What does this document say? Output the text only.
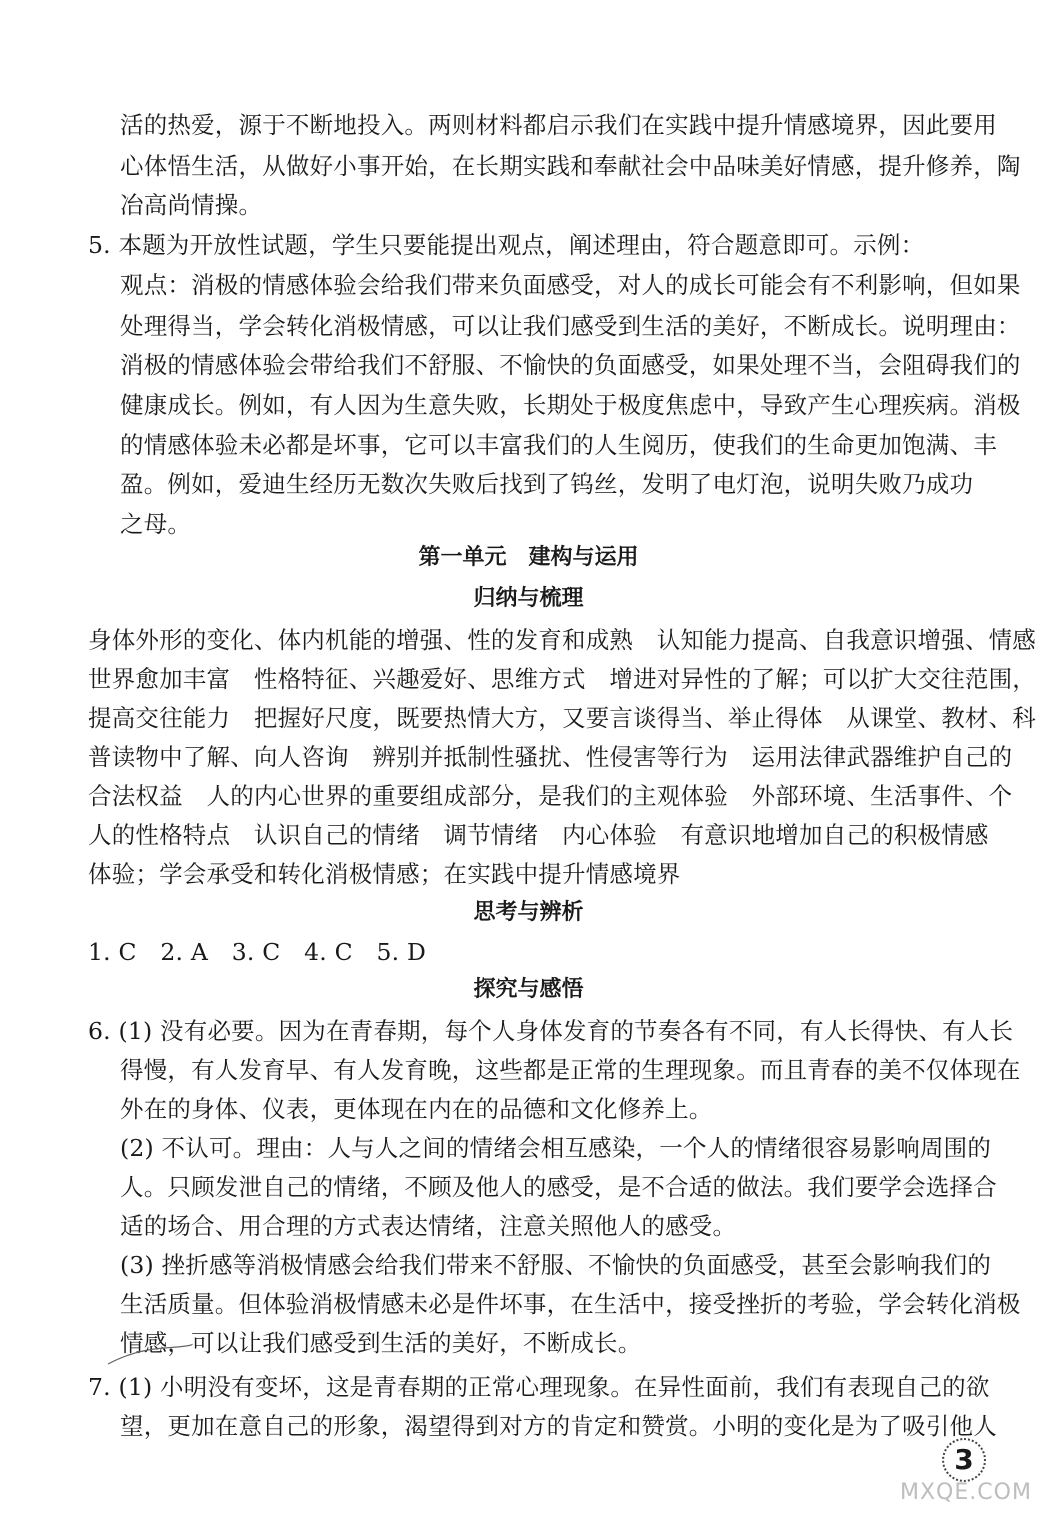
活的热爱，源于不断地投入。两则材料都启示我们在实践中提升情感境界，因此要用
心体悟生活，从做好小事开始，在长期实践和奉献社会中品味美好情感，提升修养，陶
冶高尚情操。
5. 本题为开放性试题，学生只要能提出观点，阐述理由，符合题意即可。示例：
观点：消极的情感体验会给我们带来负面感受，对人的成长可能会有不利影响，但如果
处理得当，学会转化消极情感，可以让我们感受到生活的美好，不断成长。说明理由：
消极的情感体验会带给我们不舒服、不愉快的负面感受，如果处理不当，会阻碍我们的
健康成长。例如，有人因为生意失败，长期处于极度焦虑中，导致产生心理疾病。消极
的情感体验未必都是坏事，它可以丰富我们的人生阅历，使我们的生命更加饱满、丰
盈。例如，爱迪生经历无数次失败后找到了钨丝，发明了电灯泡，说明失败乃成功
之母。
第一单元　建构与运用
归纳与梳理
身体外形的变化、体内机能的增强、性的发育和成熟　认知能力提高、自我意识增强、情感
世界愈加丰富　性格特征、兴趣爱好、思维方式　增进对异性的了解；可以扩大交往范围，
提高交往能力　把握好尺度，既要热情大方，又要言谈得当、举止得体　从课堂、教材、科
普读物中了解、向人咨询　辨别并抵制性骚扰、性侵害等行为　运用法律武器维护自己的
合法权益　人的内心世界的重要组成部分，是我们的主观体验　外部环境、生活事件、个
人的性格特点　认识自己的情绪　调节情绪　内心体验　有意识地增加自己的积极情感
体验；学会承受和转化消极情感；在实践中提升情感境界
思考与辨析
1. C　2. A　3. C　4. C　5. D
探究与感悟
6. (1) 没有必要。因为在青春期，每个人身体发育的节奏各有不同，有人长得快、有人长
得慢，有人发育早、有人发育晚，这些都是正常的生理现象。而且青春的美不仅体现在
外在的身体、仪表，更体现在内在的品德和文化修养上。
(2) 不认可。理由：人与人之间的情绪会相互感染，一个人的情绪很容易影响周围的
人。只顾发泄自己的情绪，不顾及他人的感受，是不合适的做法。我们要学会选择合
适的场合、用合理的方式表达情绪，注意关照他人的感受。
(3) 挫折感等消极情感会给我们带来不舒服、不愉快的负面感受，甚至会影响我们的
生活质量。但体验消极情感未必是件坏事，在生活中，接受挫折的考验，学会转化消极
情感，可以让我们感受到生活的美好，不断成长。
7. (1) 小明没有变坏，这是青春期的正常心理现象。在异性面前，我们有表现自己的欲
望，更加在意自己的形象，渴望得到对方的肯定和赞赏。小明的变化是为了吸引他人
3
MXQE.COM
